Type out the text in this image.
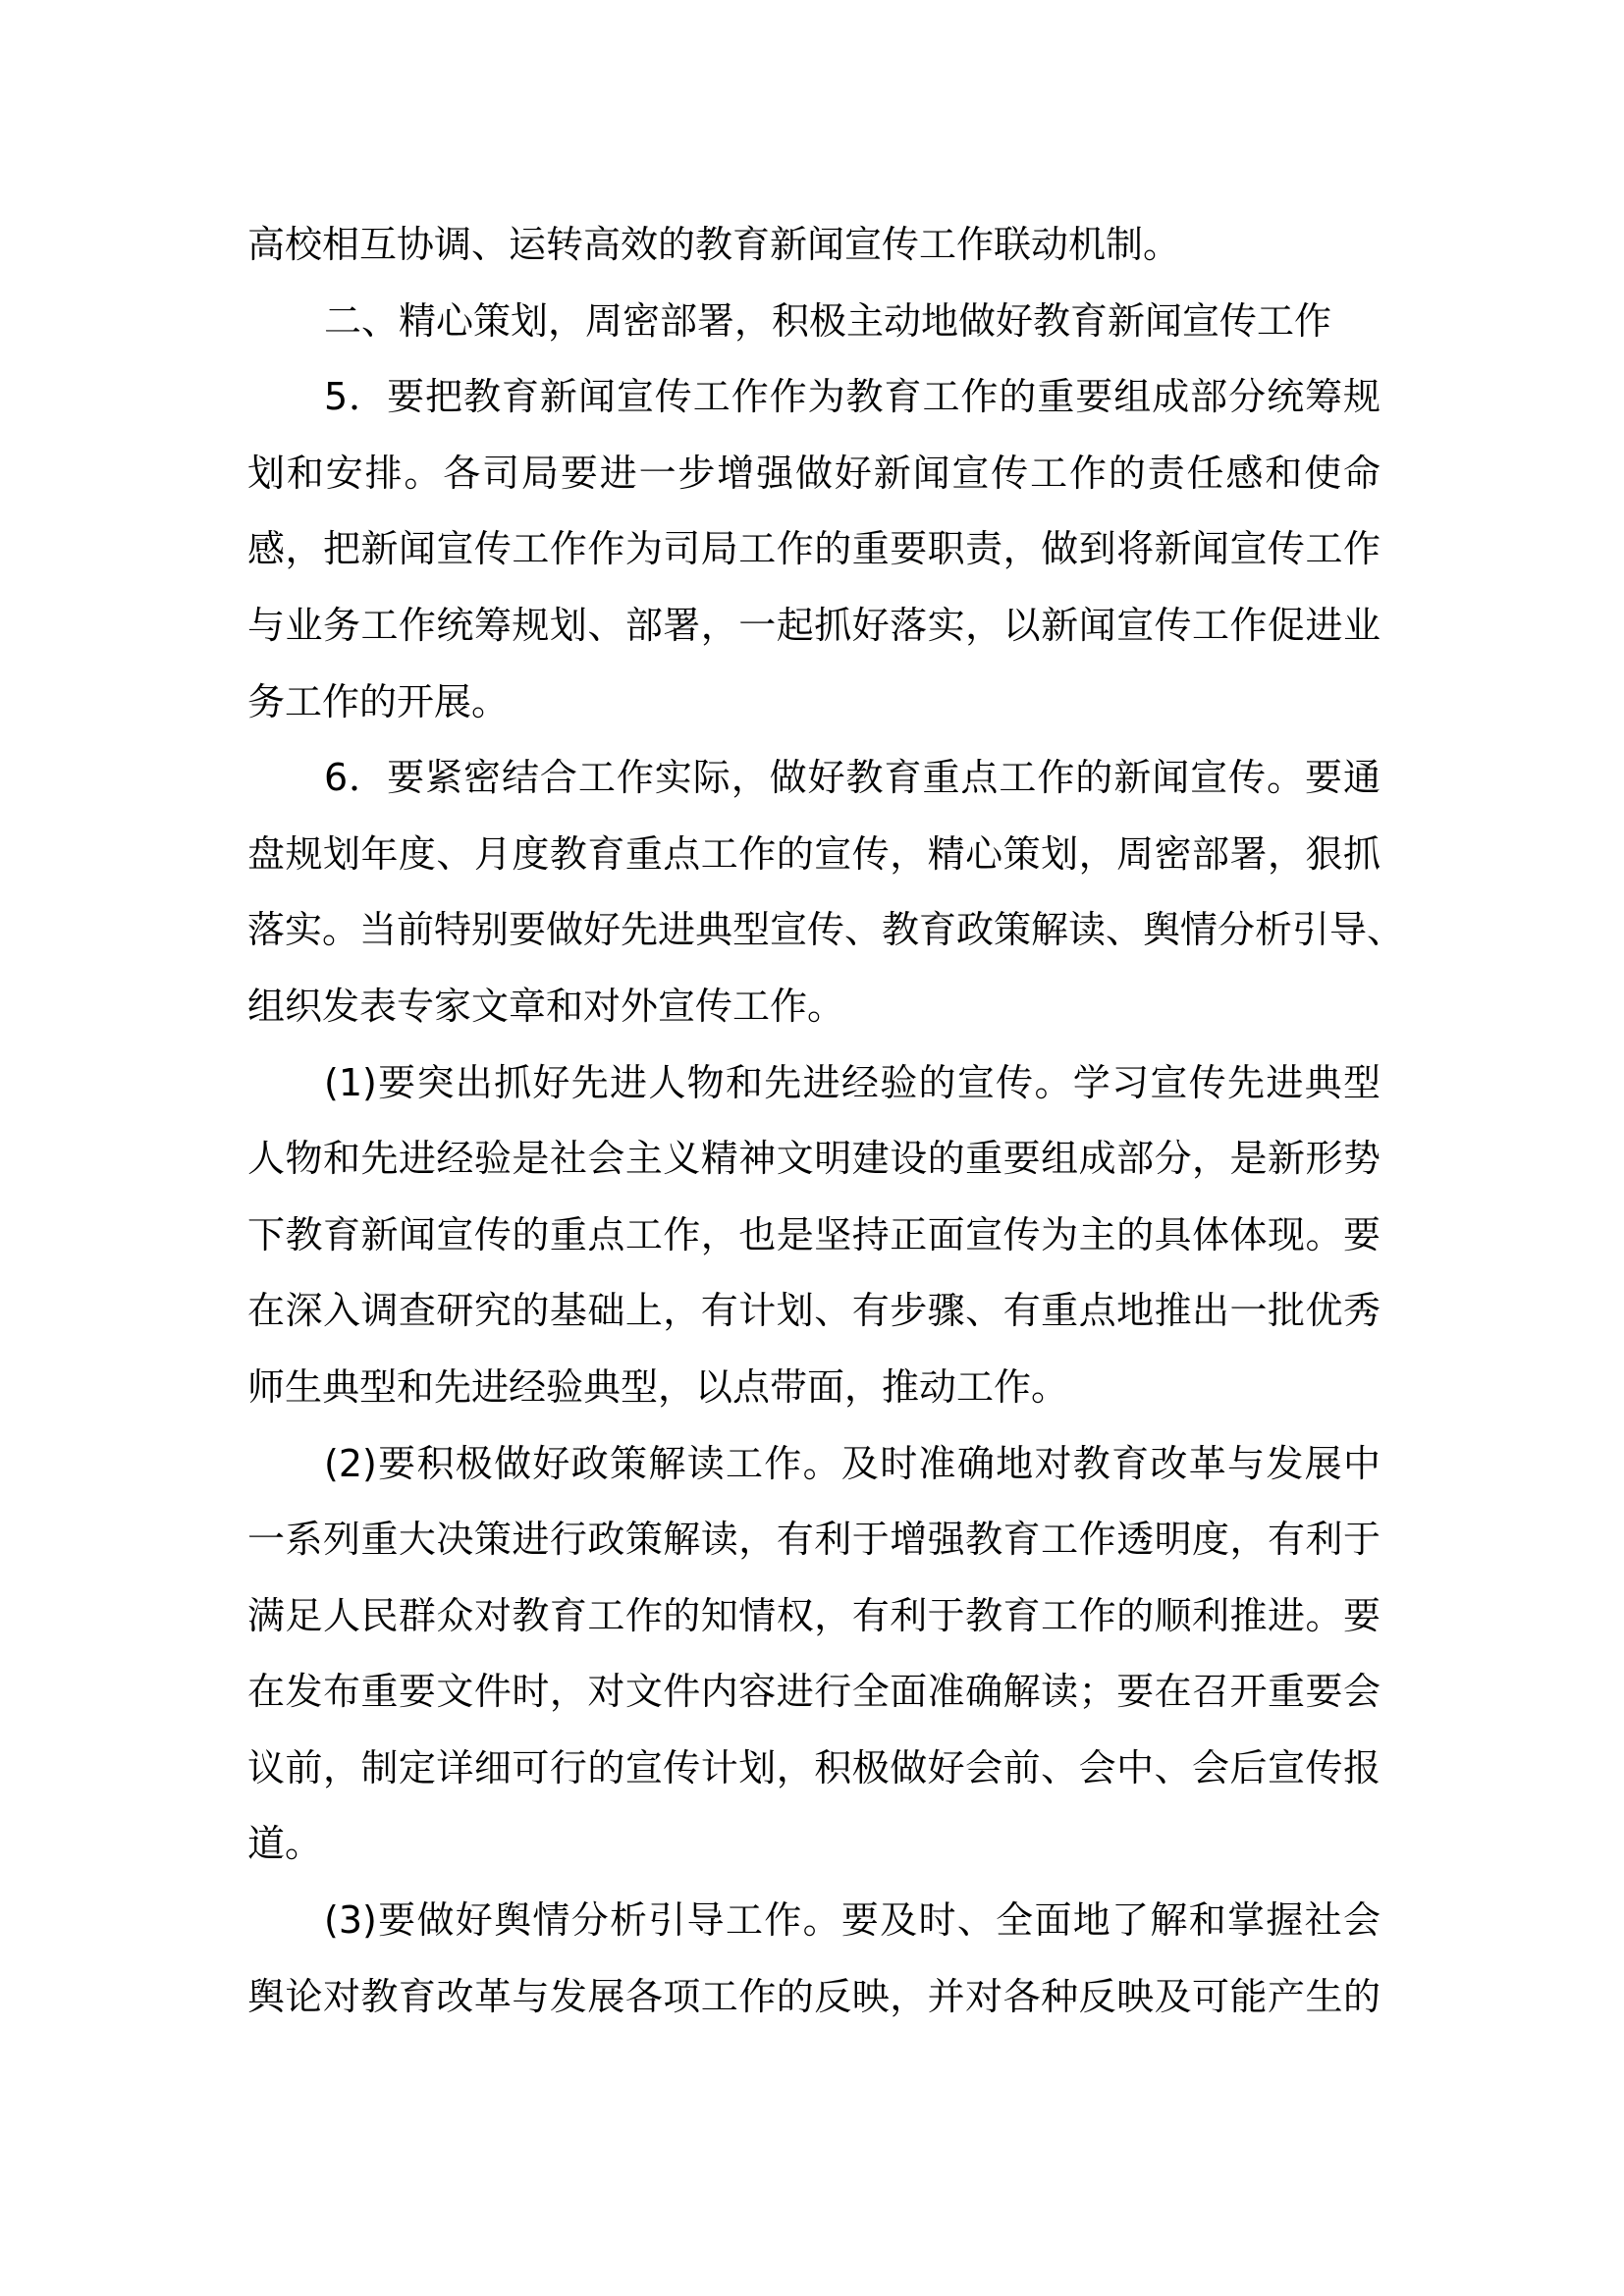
高校相互协调、运转高效的教育新闻宣传工作联动机制。
二、精心策划，周密部署，积极主动地做好教育新闻宣传工作
5．要把教育新闻宣传工作作为教育工作的重要组成部分统筹规
划和安排。各司局要进一步增强做好新闻宣传工作的责任感和使命
感，把新闻宣传工作作为司局工作的重要职责，做到将新闻宣传工作
与业务工作统筹规划、部署，一起抓好落实，以新闻宣传工作促进业
务工作的开展。
6．要紧密结合工作实际，做好教育重点工作的新闻宣传。要通
盘规划年度、月度教育重点工作的宣传，精心策划，周密部署，狠抓
落实。当前特别要做好先进典型宣传、教育政策解读、舆情分析引导、
组织发表专家文章和对外宣传工作。
(1)要突出抓好先进人物和先进经验的宣传。学习宣传先进典型
人物和先进经验是社会主义精神文明建设的重要组成部分，是新形势
下教育新闻宣传的重点工作，也是坚持正面宣传为主的具体体现。要
在深入调查研究的基础上，有计划、有步骤、有重点地推出一批优秀
师生典型和先进经验典型，以点带面，推动工作。
(2)要积极做好政策解读工作。及时准确地对教育改革与发展中
一系列重大决策进行政策解读，有利于增强教育工作透明度，有利于
满足人民群众对教育工作的知情权，有利于教育工作的顺利推进。要
在发布重要文件时，对文件内容进行全面准确解读；要在召开重要会
议前，制定详细可行的宣传计划，积极做好会前、会中、会后宣传报
道。
(3)要做好舆情分析引导工作。要及时、全面地了解和掌握社会
舆论对教育改革与发展各项工作的反映，并对各种反映及可能产生的
